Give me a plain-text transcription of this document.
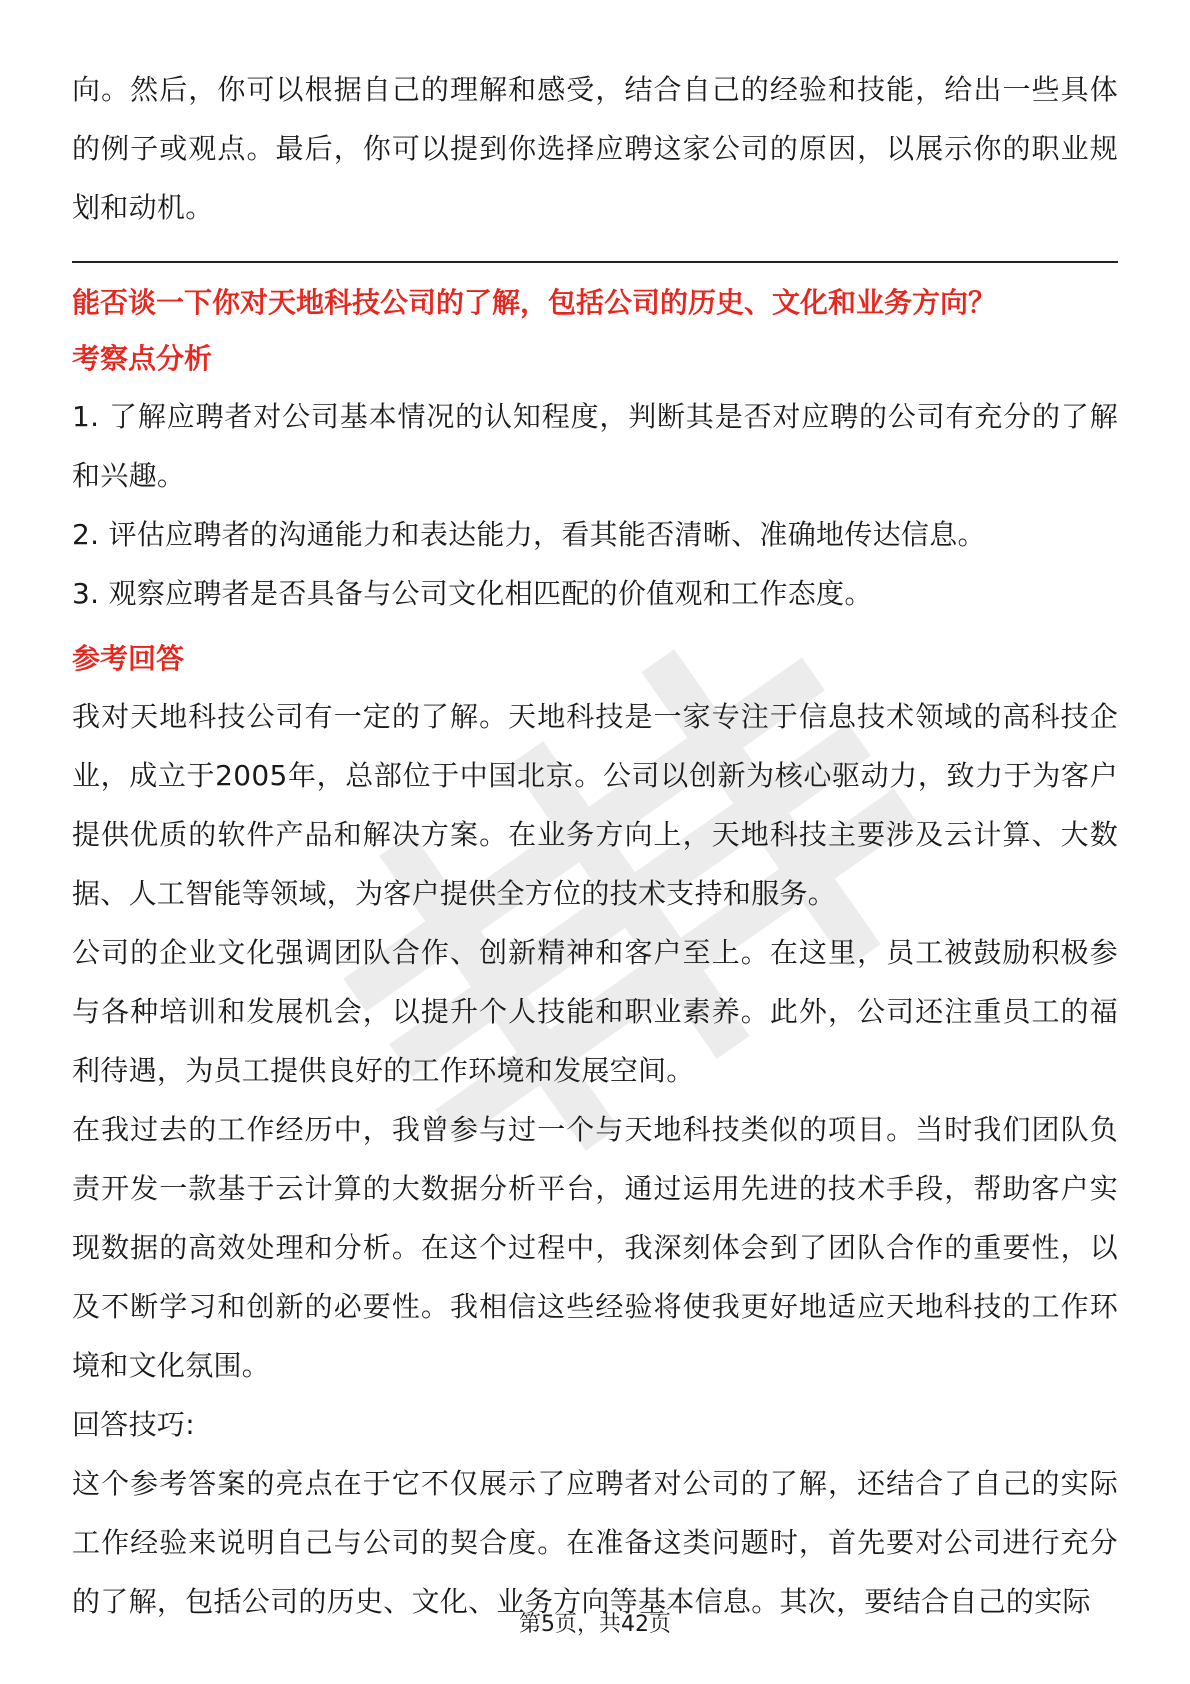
向。然后，你可以根据自己的理解和感受，结合自己的经验和技能，给出一些具体的例子或观点。最后，你可以提到你选择应聘这家公司的原因，以展示你的职业规划和动机。

能否谈一下你对天地科技公司的了解，包括公司的历史、文化和业务方向？

考察点分析

1. 了解应聘者对公司基本情况的认知程度，判断其是否对应聘的公司有充分的了解和兴趣。

2. 评估应聘者的沟通能力和表达能力，看其能否清晰、准确地传达信息。

3. 观察应聘者是否具备与公司文化相匹配的价值观和工作态度。

参考回答

我对天地科技公司有一定的了解。天地科技是一家专注于信息技术领域的高科技企业，成立于2005年，总部位于中国北京。公司以创新为核心驱动力，致力于为客户提供优质的软件产品和解决方案。在业务方向上，天地科技主要涉及云计算、大数据、人工智能等领域，为客户提供全方位的技术支持和服务。

公司的企业文化强调团队合作、创新精神和客户至上。在这里，员工被鼓励积极参与各种培训和发展机会，以提升个人技能和职业素养。此外，公司还注重员工的福利待遇，为员工提供良好的工作环境和发展空间。

在我过去的工作经历中，我曾参与过一个与天地科技类似的项目。当时我们团队负责开发一款基于云计算的大数据分析平台，通过运用先进的技术手段，帮助客户实现数据的高效处理和分析。在这个过程中，我深刻体会到了团队合作的重要性，以及不断学习和创新的必要性。我相信这些经验将使我更好地适应天地科技的工作环境和文化氛围。

回答技巧:

这个参考答案的亮点在于它不仅展示了应聘者对公司的了解，还结合了自己的实际工作经验来说明自己与公司的契合度。在准备这类问题时，首先要对公司进行充分的了解，包括公司的历史、文化、业务方向等基本信息。其次，要结合自己的实际

第5页，共42页
